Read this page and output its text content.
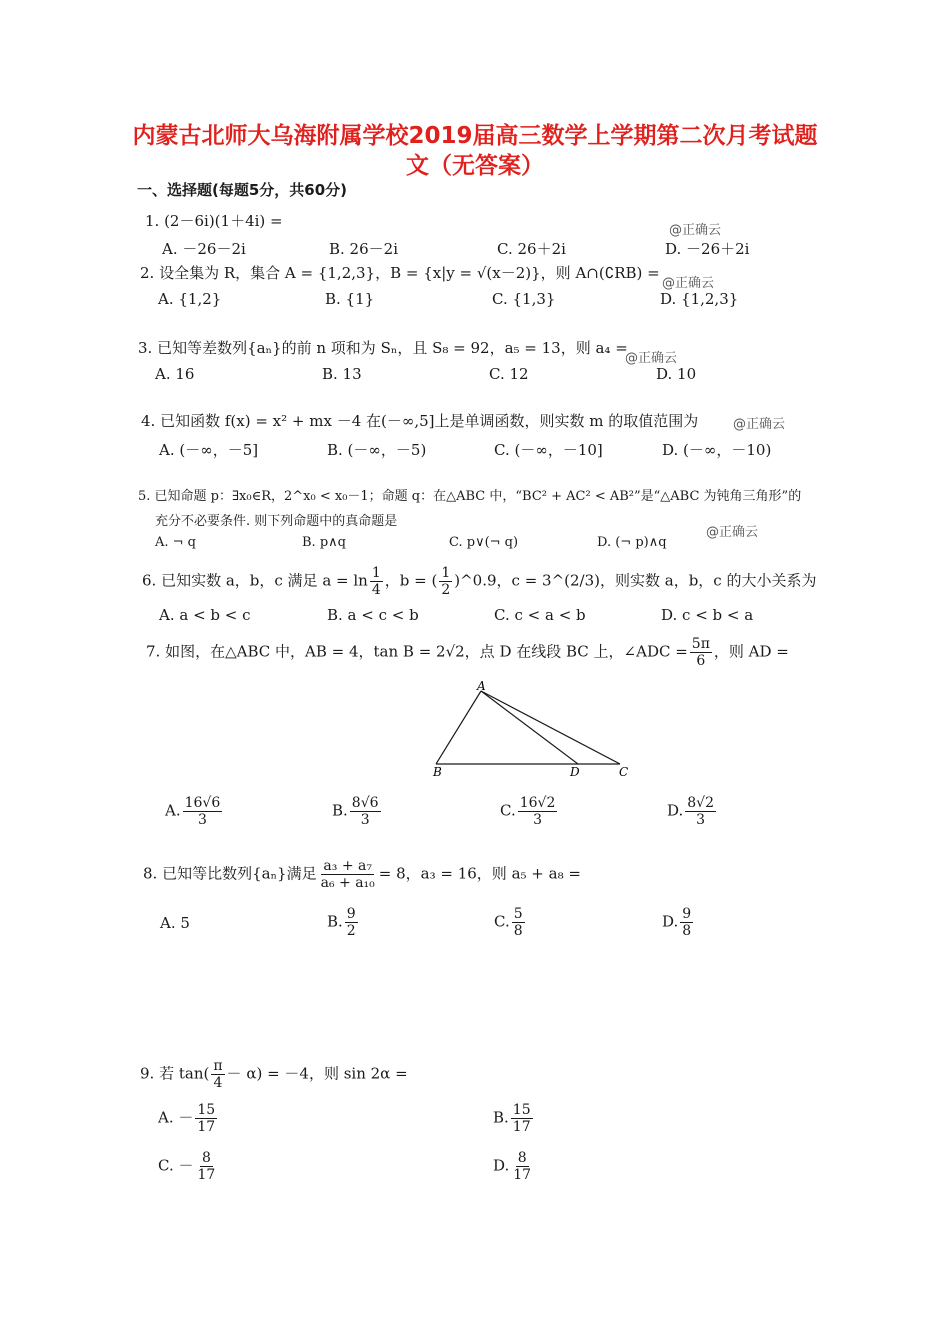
内蒙古北师大乌海附属学校2019届高三数学上学期第二次月考试题
文（无答案）
一、选择题(每题5分，共60分)
1. (2－6i)(1＋4i) =
@正确云
A. －26－2i	B. 26－2i	C. 26＋2i	D. －26＋2i
2. 设全集为 R，集合 A = {1,2,3}，B = {x|y = √(x－2)}，则 A∩(∁RB) =
@正确云
A. {1,2}	B. {1}	C. {1,3}	D. {1,2,3}
3. 已知等差数列{aₙ}的前 n 项和为 Sₙ，且 S₈ = 92，a₅ = 13，则 a₄ =
@正确云
A. 16	B. 13	C. 12	D. 10
4. 已知函数 f(x) = x² + mx －4 在(－∞,5]上是单调函数，则实数 m 的取值范围为	@正确云
A. (－∞，－5]	B. (－∞，－5)	C. (－∞，－10]	D. (－∞，－10)
5. 已知命题 p：∃x₀∈R，2^x₀ < x₀－1；命题 q：在△ABC 中，“BC² + AC² < AB²”是“△ABC 为钝角三角形”的
充分不必要条件. 则下列命题中的真命题是
@正确云
A. ¬ q	B. p∧q	C. p∨(¬ q)	D. (¬ p)∧q
6. 已知实数 a，b，c 满足 $a = \ln \frac{1}{4}$ ，b = ( $\frac{1}{2}$ )^0.9，c = 3^(2/3)，则实数 a，b，c 的大小关系为
A. a < b < c	B. a < c < b	C. c < a < b	D. c < b < a
7. 如图，在△ABC 中，AB = 4，tan B = 2√2，点 D 在线段 BC 上，∠ADC = $\frac{5\pi}{6}$ ，则 AD =
A
B	D	C
A. $\frac{16√6}{3}$	B. $\frac{8√6}{3}$	C. $\frac{16√2}{3}$	D. $\frac{8√2}{3}$
8. 已知等比数列{aₙ}满足 $\frac{\text{a₃ + a₇}}{\text{a₆ + a₁₀}} = 8$，a₃ = 16，则 a₅ + a₈ =
A. 5	B. $\frac{9}{2}$	C. $\frac{5}{8}$	D. $\frac{9}{8}$
9. 若 $\tan( \frac{\pi}{4} - \alpha) = -4$，则 sin 2α =
A. － $\frac{15}{17}$	B. $\frac{15}{17}$
C. － $\frac{8}{17}$	D. $\frac{8}{17}$
